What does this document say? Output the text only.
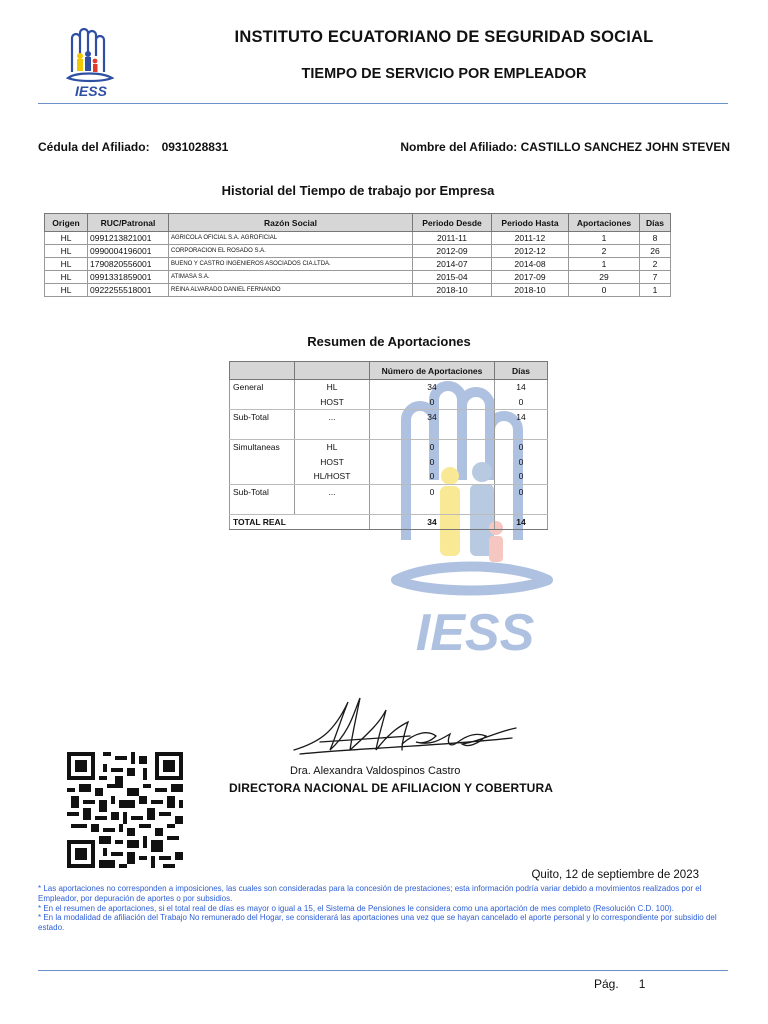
IESS
INSTITUTO ECUATORIANO DE SEGURIDAD SOCIAL
TIEMPO DE SERVICIO POR EMPLEADOR
Cédula del Afiliado: 0931028831	Nombre del Afiliado: CASTILLO SANCHEZ JOHN STEVEN
Historial del Tiempo de trabajo por Empresa
Origen	RUC/Patronal	Razón Social	Periodo Desde	Periodo Hasta	Aportaciones	Días
HL	0991213821001	AGRICOLA OFICIAL S.A. AGROFICIAL	2011-11	2011-12	1	8
HL	0990004196001	CORPORACION EL ROSADO S.A.	2012-09	2012-12	2	26
HL	1790820556001	BUENO Y CASTRO INGENIEROS ASOCIADOS CIA.LTDA.	2014-07	2014-08	1	2
HL	0991331859001	ATIMASA S.A.	2015-04	2017-09	29	7
HL	0922255518001	REINA ALVARADO DANIEL FERNANDO	2018-10	2018-10	0	1
Resumen de Aportaciones
IESS
		Número de Aportaciones	Días
General	HL	34	14
	HOST	0	0
Sub-Total	...	34	14

Simultaneas	HL	0	0
	HOST	0	0
	HL/HOST	0	0
Sub-Total	...	0	0

TOTAL REAL		34	14
Dra. Alexandra Valdospinos Castro
DIRECTORA NACIONAL DE AFILIACION Y COBERTURA
Quito, 12 de septiembre de 2023

* Las aportaciones no corresponden a imposiciones, las cuales son consideradas para la concesión de prestaciones; esta información podría variar debido a movimientos realizados por el Empleador, por depuración de aportes o por subsidios.

* En el resumen de aportaciones, si el total real de días es mayor o igual a 15, el Sistema de Pensiones le considera como una aportación de mes completo (Resolución C.D. 100).

* En la modalidad de afiliación del Trabajo No remunerado del Hogar, se considerará las aportaciones una vez que se hayan cancelado el aporte personal y lo correspondiente por subsidio del estado.

Pág. 1
